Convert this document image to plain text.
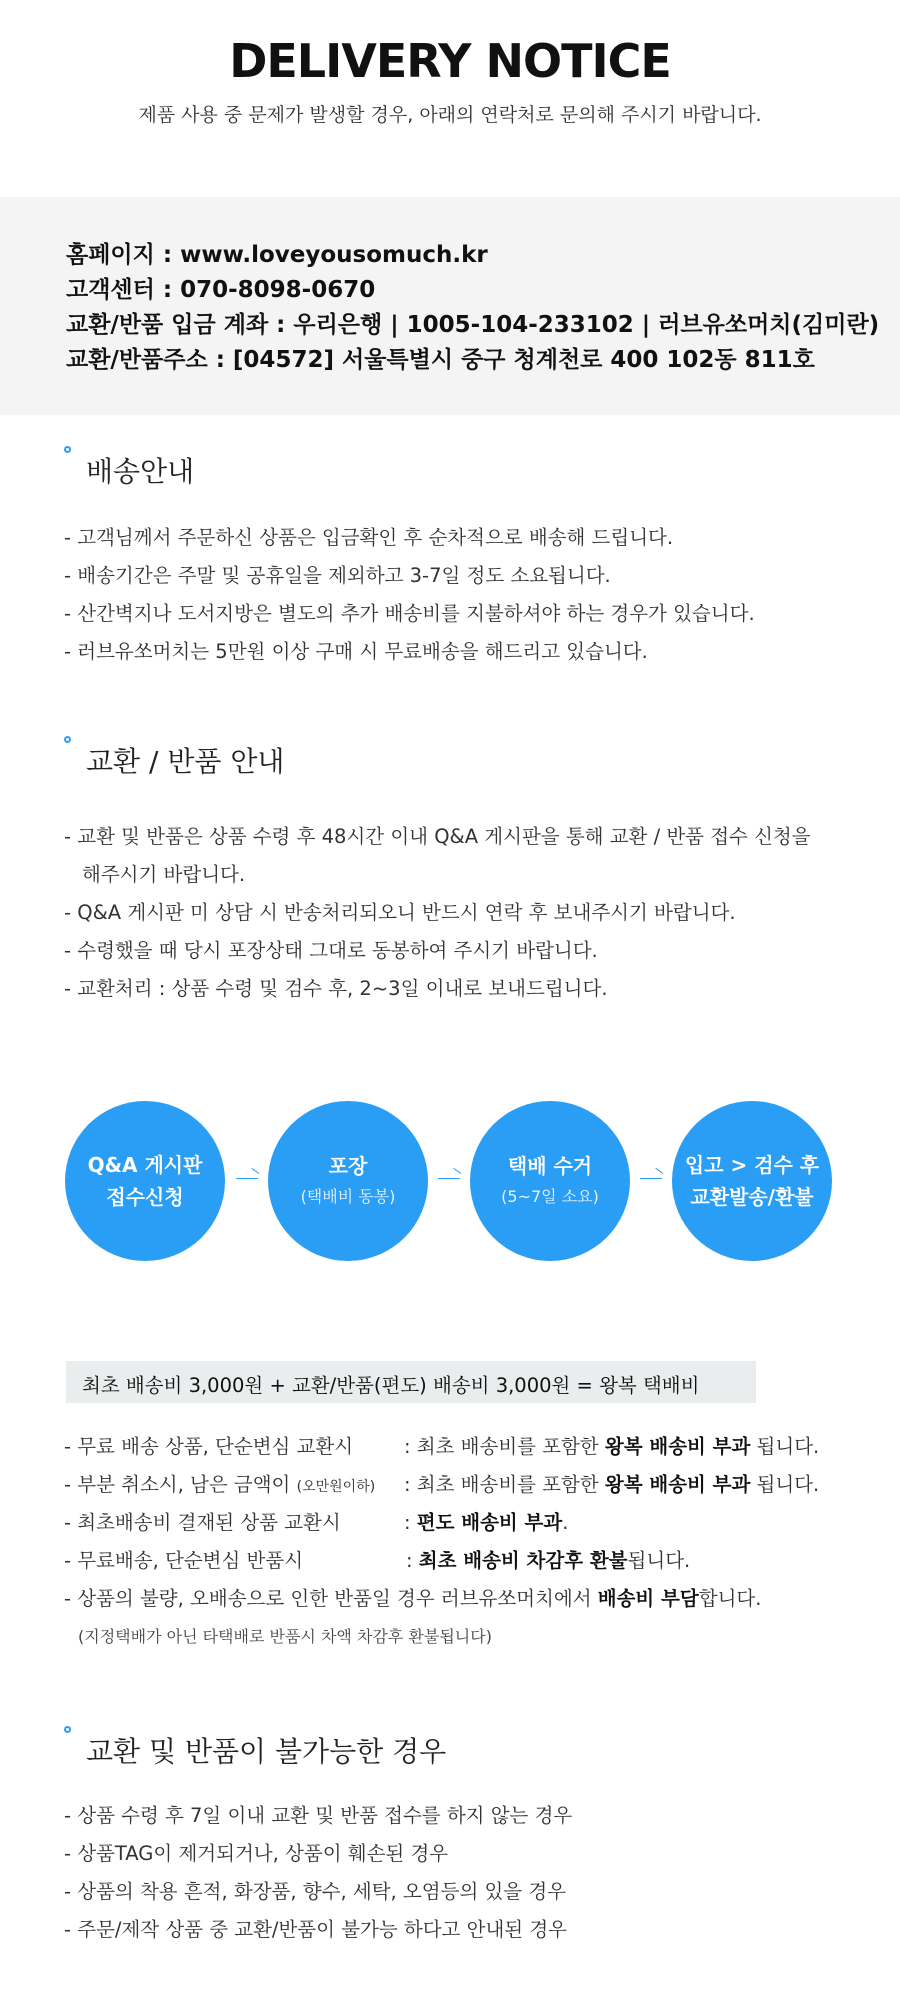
DELIVERY NOTICE
제품 사용 중 문제가 발생할 경우, 아래의 연락처로 문의해 주시기 바랍니다.
홈페이지 : www.loveyousomuch.kr
고객센터 : 070-8098-0670
교환/반품 입금 계좌 : 우리은행 | 1005-104-233102 | 러브유쏘머치(김미란)
교환/반품주소 : [04572] 서울특별시 중구 청계천로 400 102동 811호
배송안내
- 고객님께서 주문하신 상품은 입금확인 후 순차적으로 배송해 드립니다.
- 배송기간은 주말 및 공휴일을 제외하고 3-7일 정도 소요됩니다.
- 산간벽지나 도서지방은 별도의 추가 배송비를 지불하셔야 하는 경우가 있습니다.
- 러브유쏘머치는 5만원 이상 구매 시 무료배송을 해드리고 있습니다.
교환 / 반품 안내
- 교환 및 반품은 상품 수령 후 48시간 이내 Q&A 게시판을 통해 교환 / 반품 접수 신청을
해주시기 바랍니다.
- Q&A 게시판 미 상담 시 반송처리되오니 반드시 연락 후 보내주시기 바랍니다.
- 수령했을 때 당시 포장상태 그대로 동봉하여 주시기 바랍니다.
- 교환처리 : 상품 수령 및 검수 후, 2~3일 이내로 보내드립니다.
Q&A 게시판
접수신청
포장
(택배비 동봉)
택배 수거
(5~7일 소요)
입고 > 검수 후
교환발송/환불
최초 배송비 3,000원 + 교환/반품(편도) 배송비 3,000원 = 왕복 택배비
- 무료 배송 상품, 단순변심 교환시	: 최초 배송비를 포함한 왕복 배송비 부과 됩니다.
- 부분 취소시, 남은 금액이 (오만원이하) : 최초 배송비를 포함한 왕복 배송비 부과 됩니다.
- 최초배송비 결재된 상품 교환시	: 편도 배송비 부과.
- 무료배송, 단순변심 반품시	: 최초 배송비 차감후 환불됩니다.
- 상품의 불량, 오배송으로 인한 반품일 경우 러브유쏘머치에서 배송비 부담합니다.
(지정택배가 아닌 타택배로 반품시 차액 차감후 환불됩니다)
교환 및 반품이 불가능한 경우
- 상품 수령 후 7일 이내 교환 및 반품 접수를 하지 않는 경우
- 상품TAG이 제거되거나, 상품이 훼손된 경우
- 상품의 착용 흔적, 화장품, 향수, 세탁, 오염등의 있을 경우
- 주문/제작 상품 중 교환/반품이 불가능 하다고 안내된 경우
